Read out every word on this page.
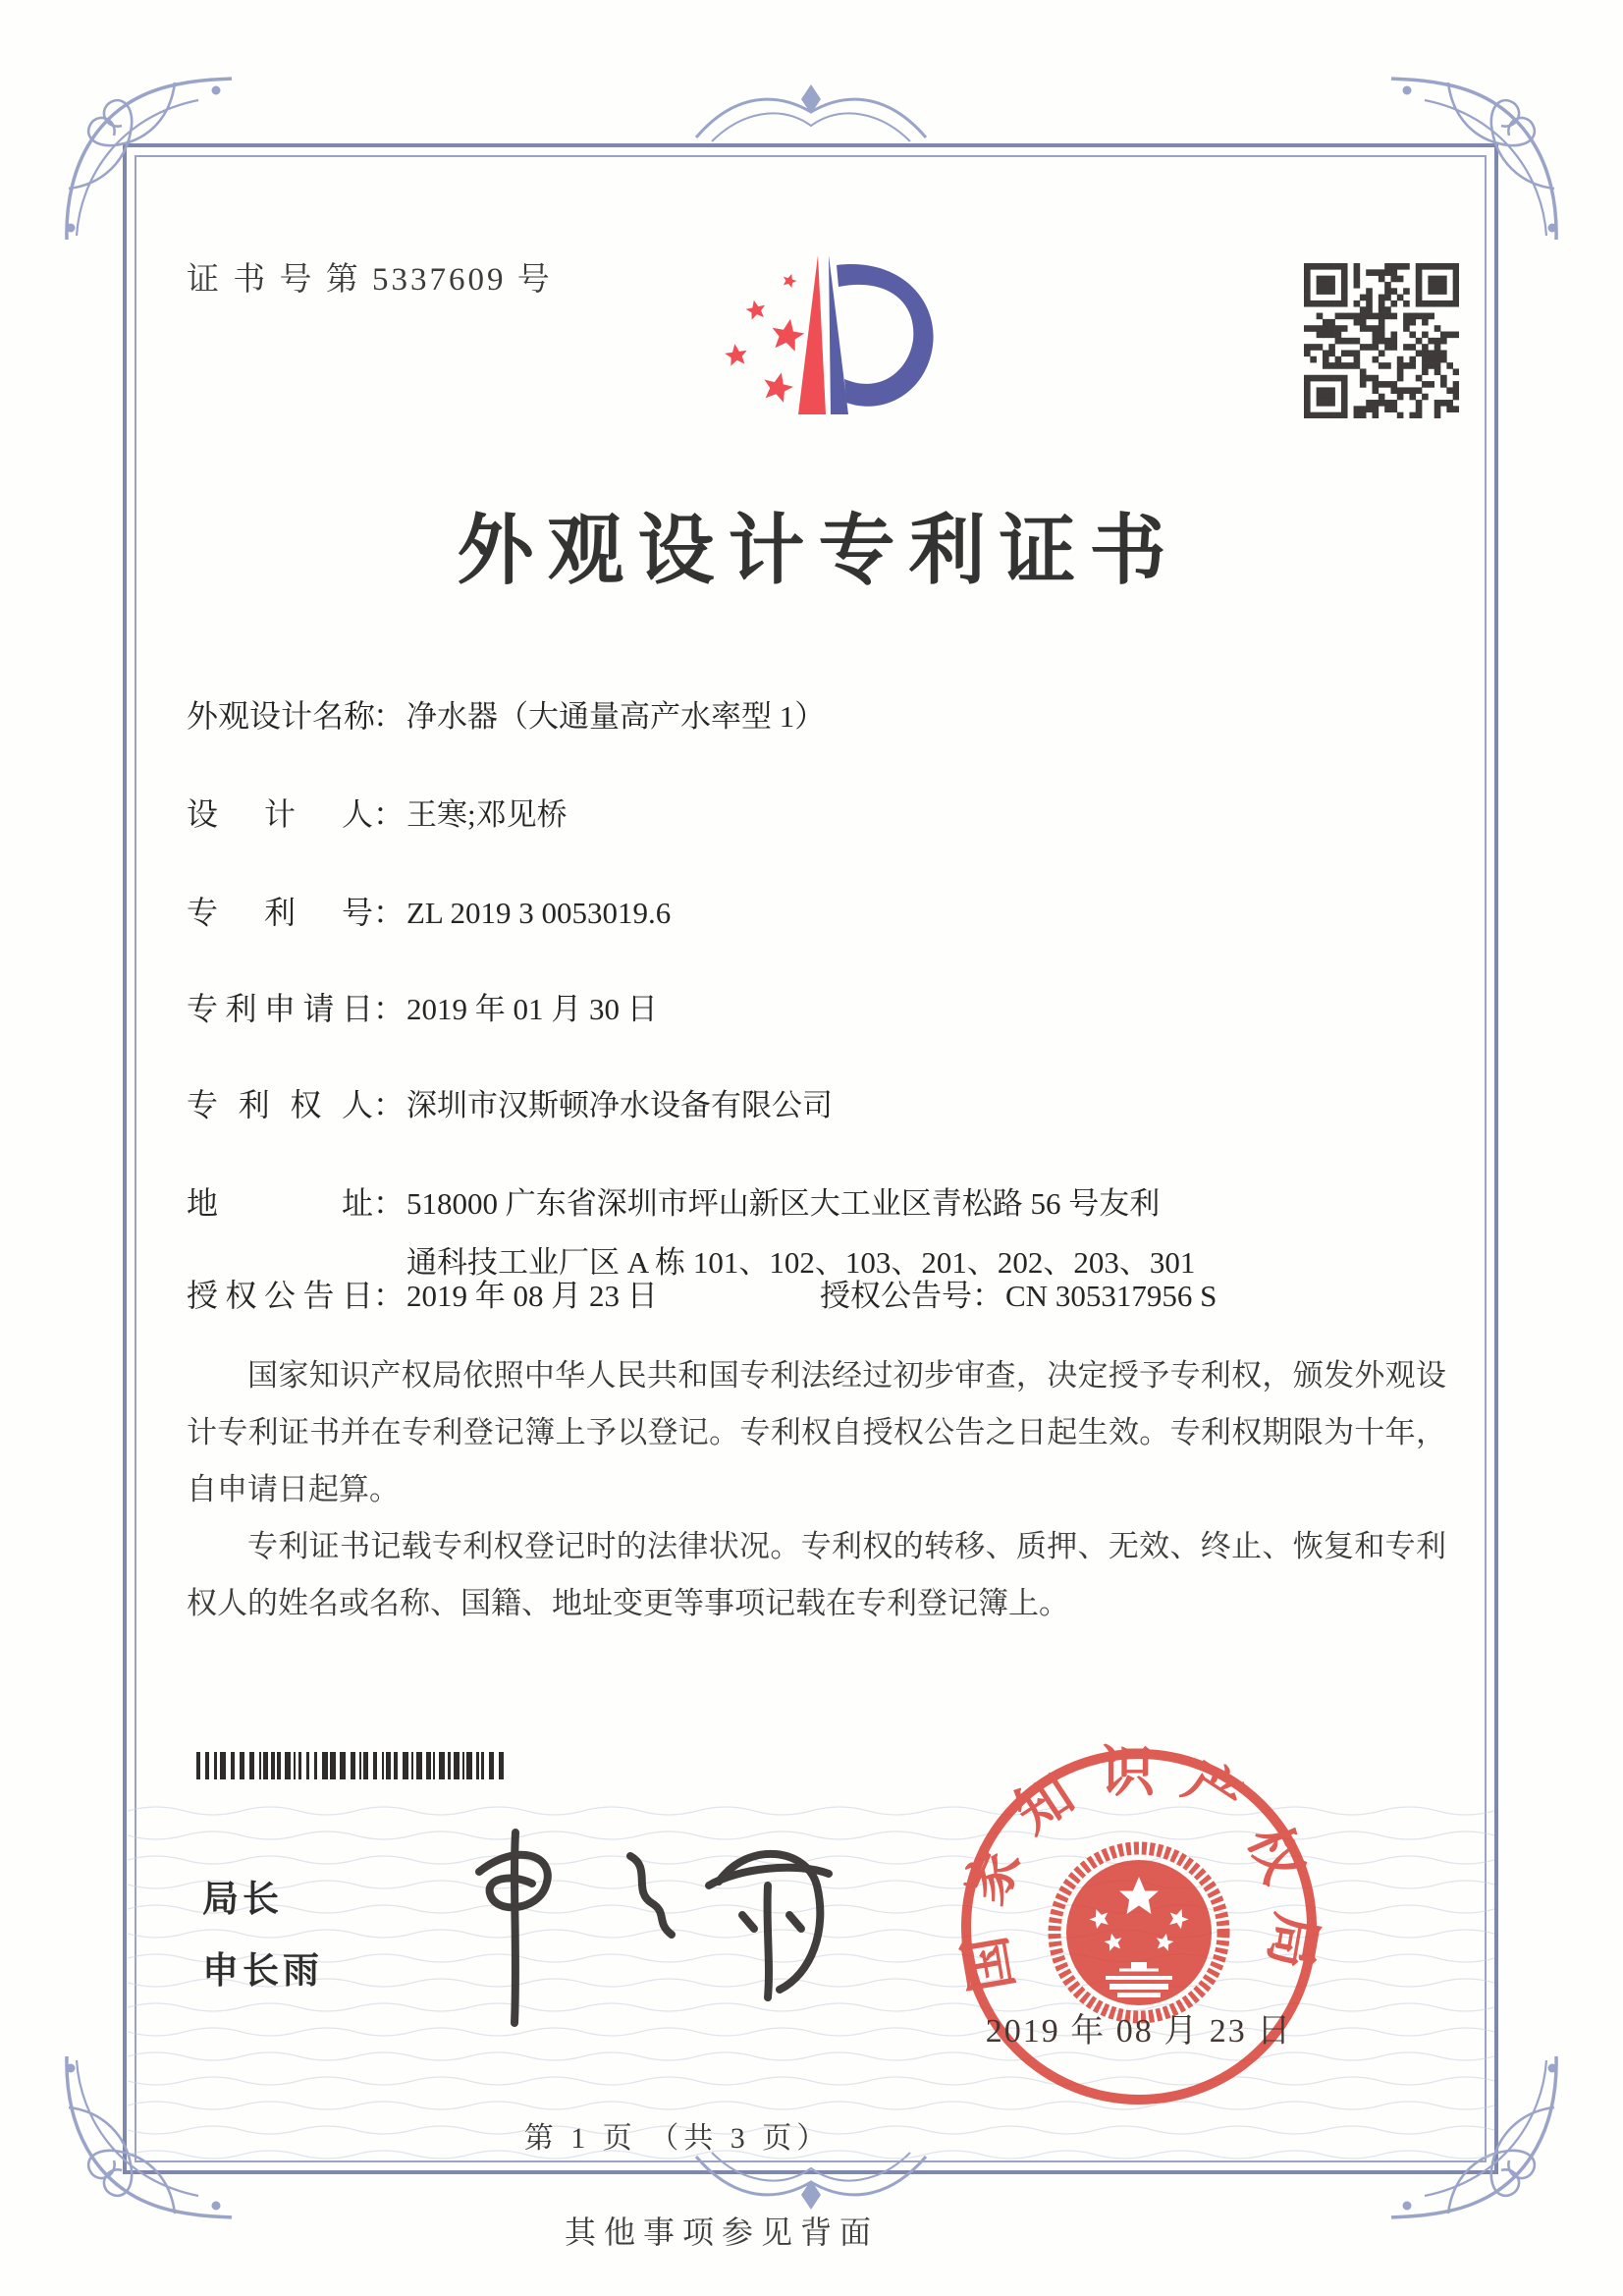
证 书 号 第 5337609 号
外观设计专利证书
外观设计名称：净水器（大通量高产水率型 1）
设 计 人：王寒;邓见桥
专 利 号：ZL 2019 3 0053019.6
专利申请日：2019 年 01 月 30 日
专 利 权 人：深圳市汉斯顿净水设备有限公司
地 址：518000 广东省深圳市坪山新区大工业区青松路 56 号友利
通科技工业厂区 A 栋 101、102、103、201、202、203、301
授权公告日：2019 年 08 月 23 日	授权公告号：CN 305317956 S

国家知识产权局依照中华人民共和国专利法经过初步审查，决定授予专利权，颁发外观设计专利证书并在专利登记簿上予以登记。专利权自授权公告之日起生效。专利权期限为十年，自申请日起算。

专利证书记载专利权登记时的法律状况。专利权的转移、质押、无效、终止、恢复和专利权人的姓名或名称、国籍、地址变更等事项记载在专利登记簿上。

局长
申长雨	国家知识产权局
2019 年 08 月 23 日
第 1 页 （共 3 页）
其他事项参见背面
